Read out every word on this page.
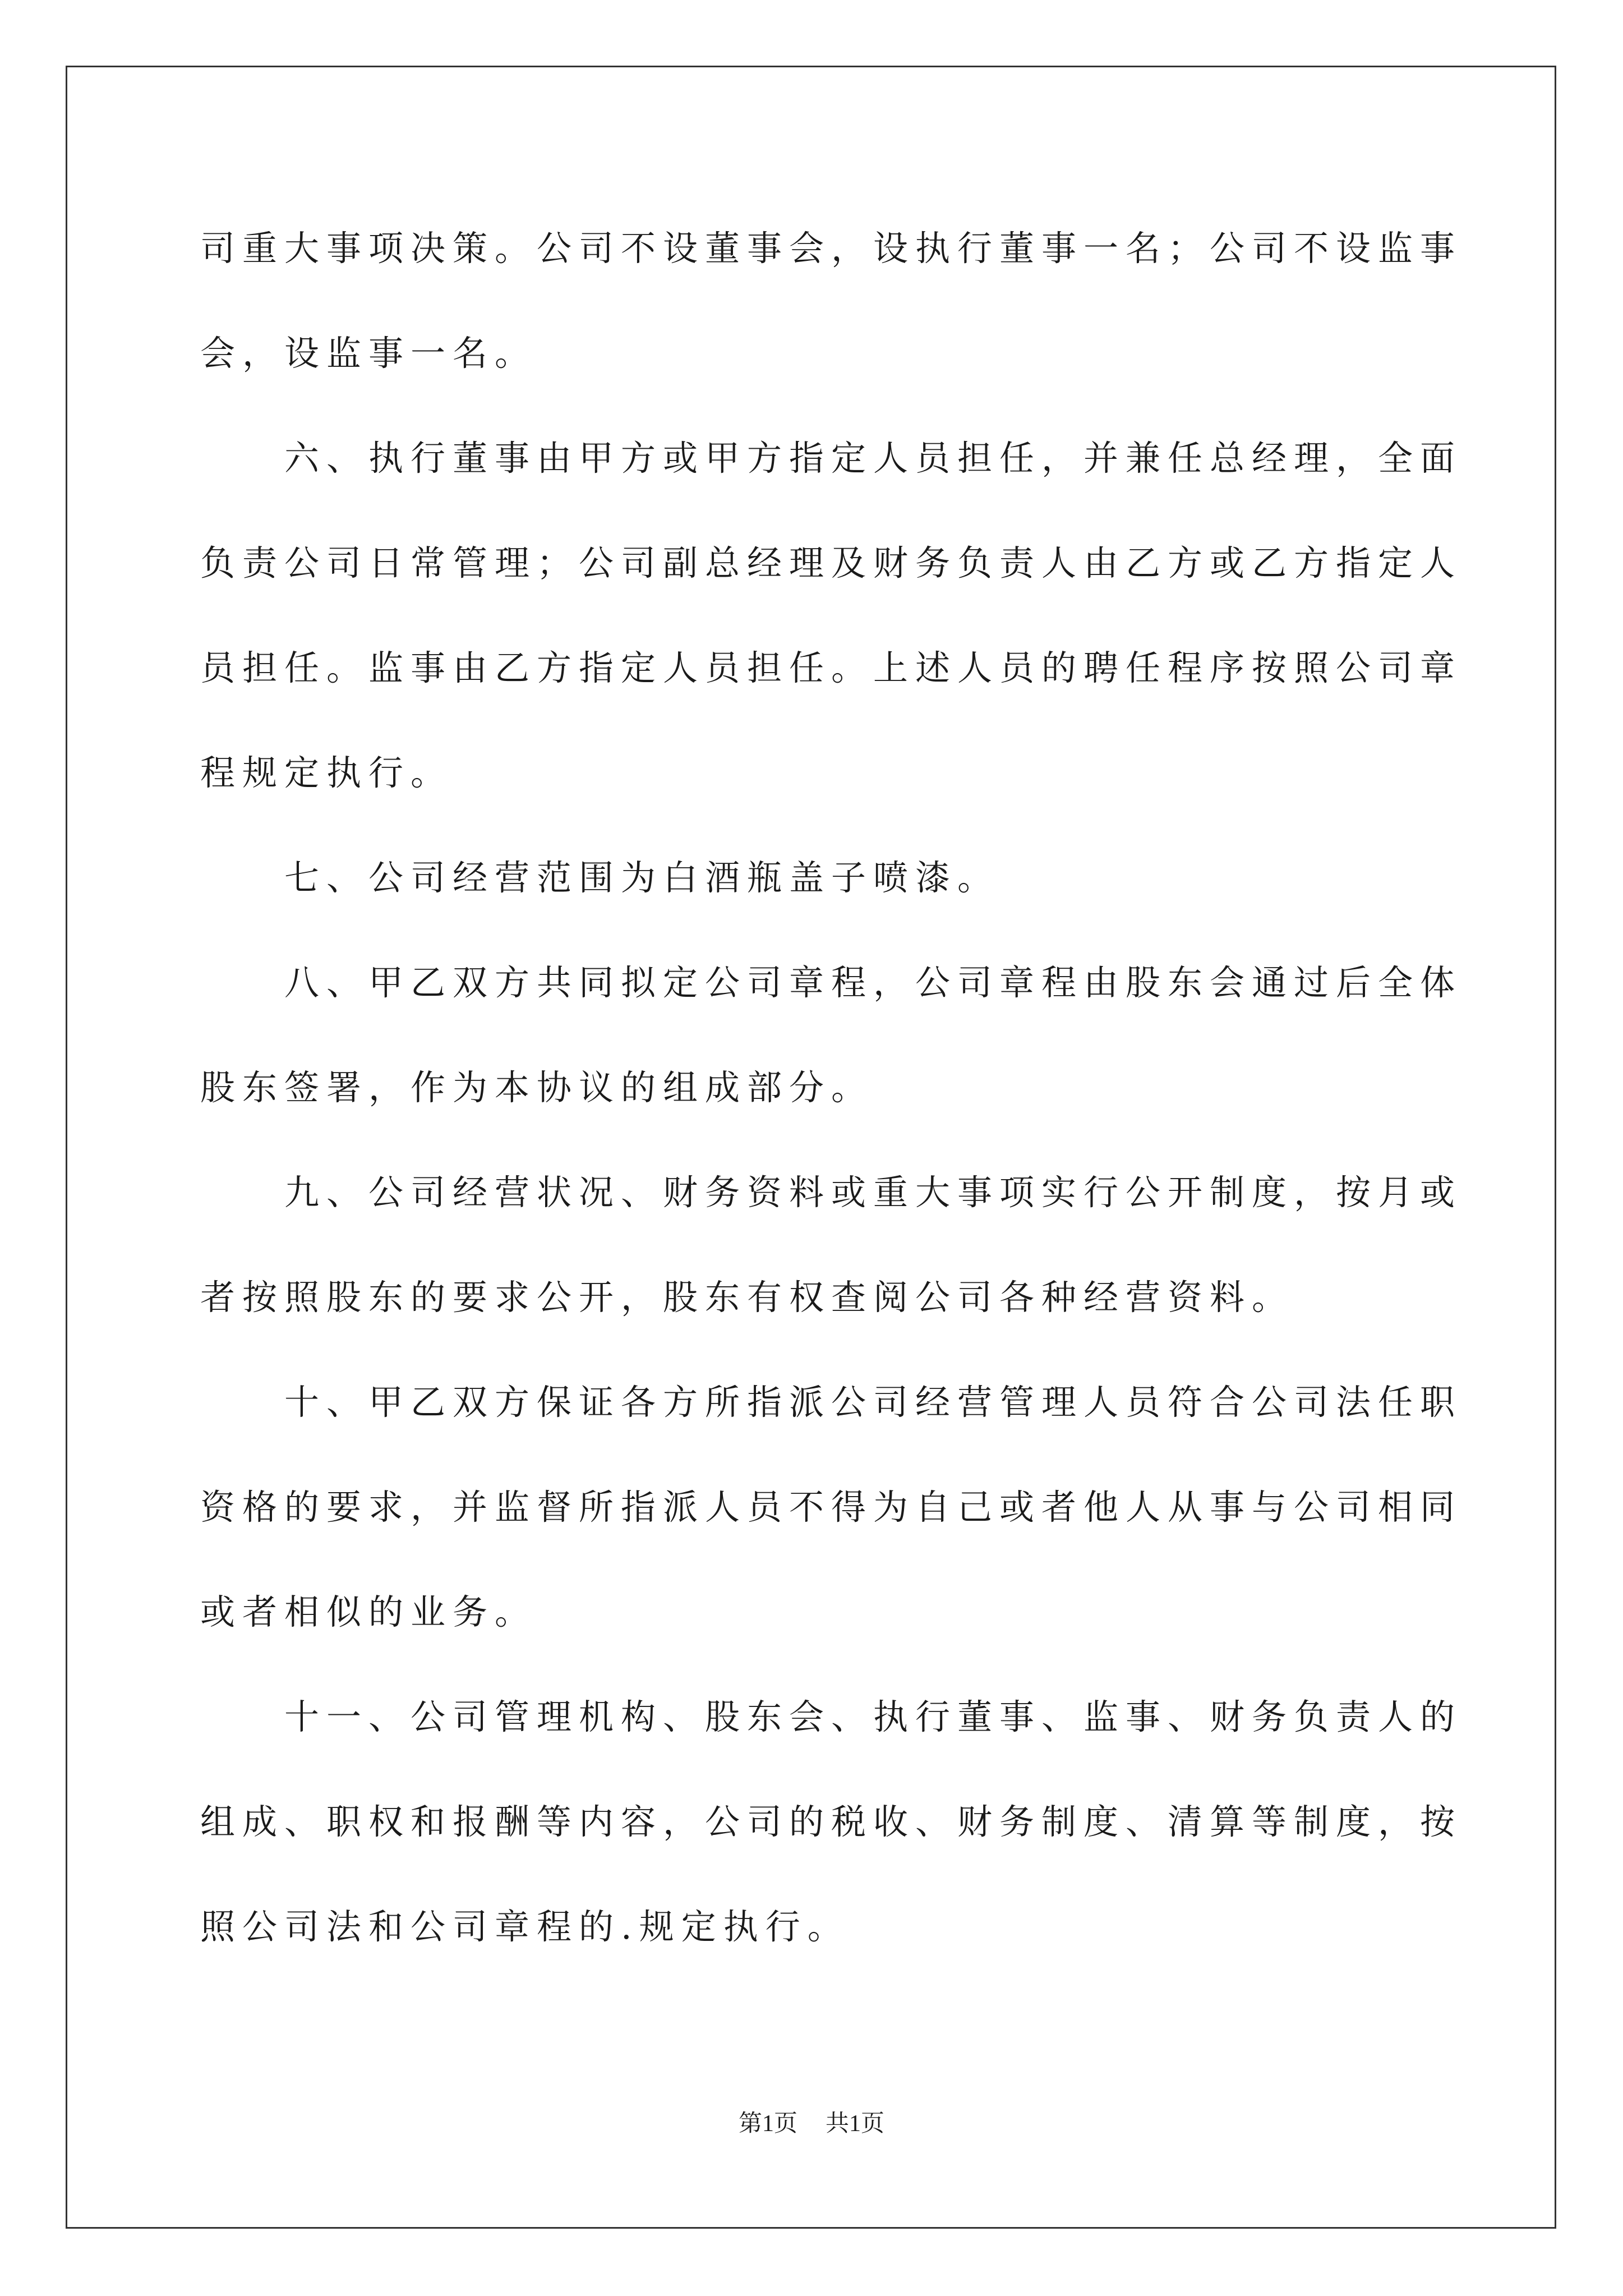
司重大事项决策。公司不设董事会，设执行董事一名；公司不设监事
会，设监事一名。
六、执行董事由甲方或甲方指定人员担任，并兼任总经理，全面
负责公司日常管理；公司副总经理及财务负责人由乙方或乙方指定人
员担任。监事由乙方指定人员担任。上述人员的聘任程序按照公司章
程规定执行。
七、公司经营范围为白酒瓶盖子喷漆。
八、甲乙双方共同拟定公司章程，公司章程由股东会通过后全体
股东签署，作为本协议的组成部分。
九、公司经营状况、财务资料或重大事项实行公开制度，按月或
者按照股东的要求公开，股东有权查阅公司各种经营资料。
十、甲乙双方保证各方所指派公司经营管理人员符合公司法任职
资格的要求，并监督所指派人员不得为自己或者他人从事与公司相同
或者相似的业务。
十一、公司管理机构、股东会、执行董事、监事、财务负责人的
组成、职权和报酬等内容，公司的税收、财务制度、清算等制度，按
照公司法和公司章程的.规定执行。
第1页 共1页
